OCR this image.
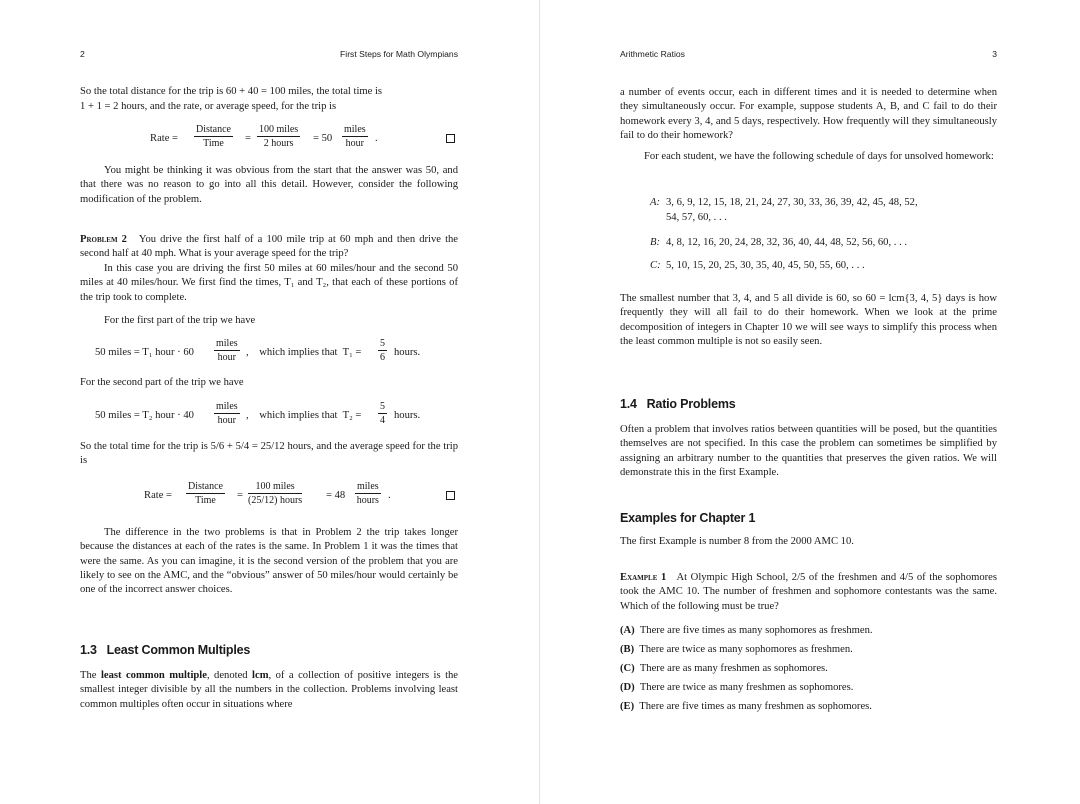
2	First Steps for Math Olympians
So the total distance for the trip is 60 + 40 = 100 miles, the total time is
1 + 1 = 2 hours, and the rate, or average speed, for the trip is
Rate =
Distance
Time	=
100 miles
2 hours	= 50
miles
hour	.

You might be thinking it was obvious from the start that the answer was 50, and that there was no reason to go into all this detail. However, consider the following modification of the problem.

Problem 2 You drive the first half of a 100 mile trip at 60 mph and then drive the second half at 40 mph. What is your average speed for the trip?

In this case you are driving the first 50 miles at 60 miles/hour and the second 50 miles at 40 miles/hour. We first find the times, T₁ and T₂, that each of these portions of the trip took to complete.

For the first part of the trip we have

50 miles = T₁ hour · 60
miles
hour ,    which implies that  $T_1 = \frac{5}{6}$ hours.

For the second part of the trip we have

50 miles = T₂ hour · 40
miles
hour ,    which implies that  $T_2 = \frac{5}{4}$ hours.

So the total time for the trip is 5/6 + 5/4 = 25/12 hours, and the average speed for the trip is

Rate =
Distance
Time	=
100 miles
(25/12) hours = 48
miles
hours .

The difference in the two problems is that in Problem 2 the trip takes longer because the distances at each of the rates is the same. In Problem 1 it was the times that were the same. As you can imagine, it is the second version of the problem that you are likely to see on the AMC, and the “obvious” answer of 50 miles/hour would certainly be one of the incorrect answer choices.

1.3 Least Common Multiples

The least common multiple, denoted lcm, of a collection of positive integers is the smallest integer divisible by all the numbers in the collection. Problems involving least common multiples often occur in situations where

Arithmetic Ratios	3

a number of events occur, each in different times and it is needed to determine when they simultaneously occur. For example, suppose students A, B, and C fail to do their homework every 3, 4, and 5 days, respectively. How frequently will they simultaneously fail to do their homework?

For each student, we have the following schedule of days for unsolved homework:

A: 3, 6, 9, 12, 15, 18, 21, 24, 27, 30, 33, 36, 39, 42, 45, 48, 52,
54, 57, 60, . . .
B: 4, 8, 12, 16, 20, 24, 28, 32, 36, 40, 44, 48, 52, 56, 60, . . .
C: 5, 10, 15, 20, 25, 30, 35, 40, 45, 50, 55, 60, . . .

The smallest number that 3, 4, and 5 all divide is 60, so 60 = lcm{3, 4, 5} days is how frequently they will all fail to do their homework. When we look at the prime decomposition of integers in Chapter 10 we will see ways to simplify this process when the least common multiple is not so easily seen.

1.4 Ratio Problems

Often a problem that involves ratios between quantities will be posed, but the quantities themselves are not specified. In this case the problem can sometimes be simplified by assigning an arbitrary number to the quantities that preserves the given ratios. We will demonstrate this in the first Example.

Examples for Chapter 1

The first Example is number 8 from the 2000 AMC 10.

Example 1 At Olympic High School, 2/5 of the freshmen and 4/5 of the sophomores took the AMC 10. The number of freshmen and sophomore contestants was the same. Which of the following must be true?

(A) There are five times as many sophomores as freshmen.
(B) There are twice as many sophomores as freshmen.
(C) There are as many freshmen as sophomores.
(D) There are twice as many freshmen as sophomores.
(E) There are five times as many freshmen as sophomores.
